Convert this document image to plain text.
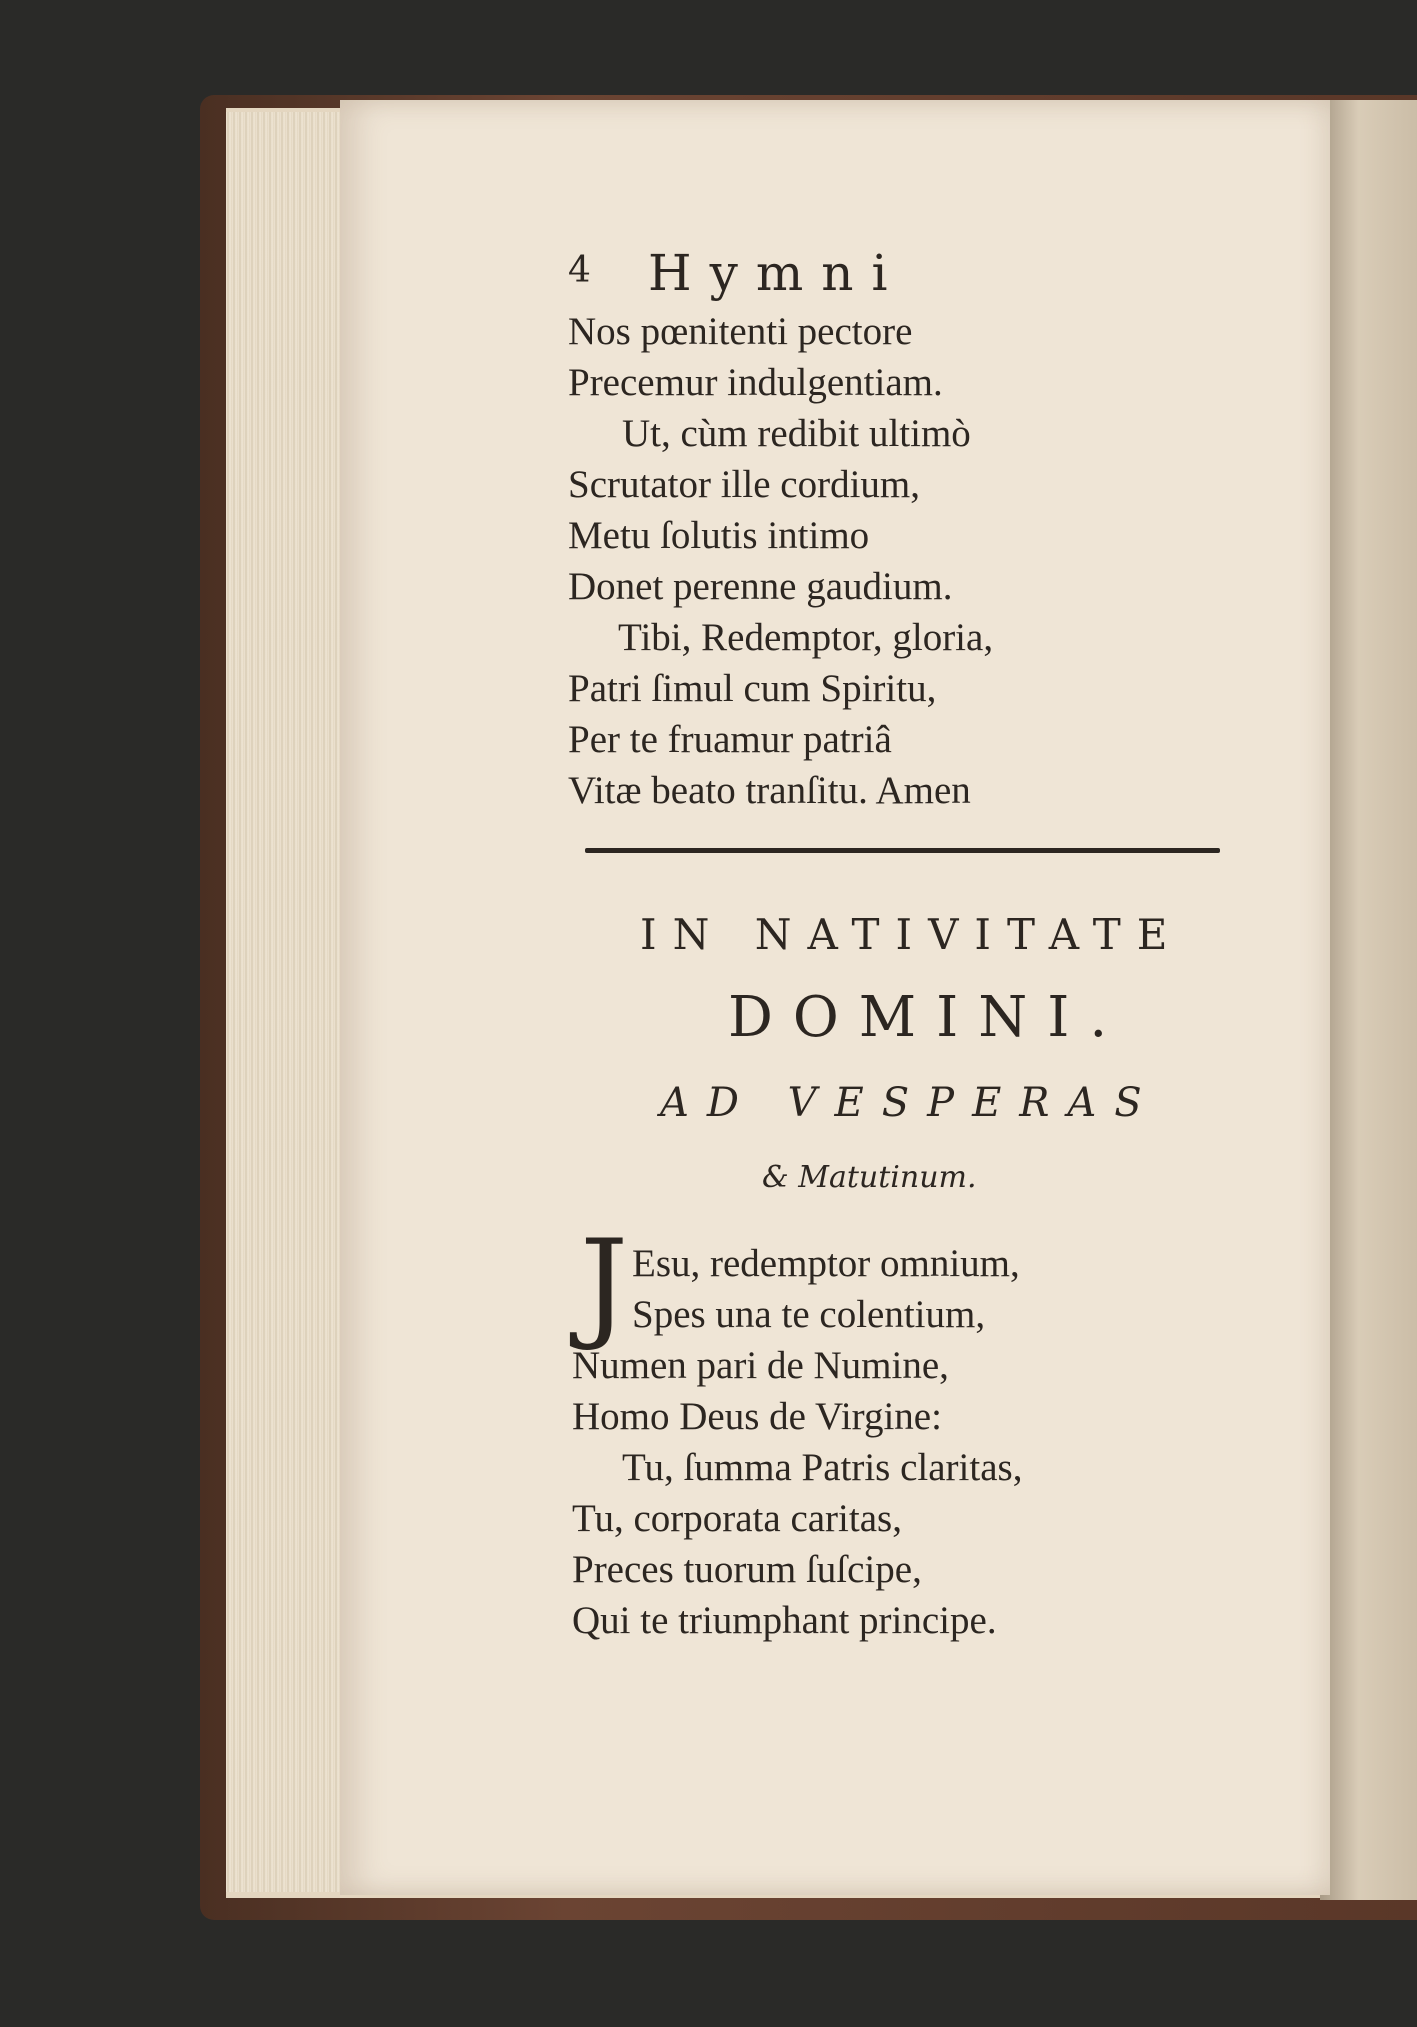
4 Hymni
Nos pœnitenti pectore
Precemur indulgentiam.
Ut, cùm redibit ultimò
Scrutator ille cordium,
Metu ſolutis intimo
Donet perenne gaudium.
Tibi, Redemptor, gloria,
Patri ſimul cum Spiritu,
Per te fruamur patriâ
Vitæ beato tranſitu. Amen
IN NATIVITATE
DOMINI.
AD VESPERAS
& Matutinum.
J Esu, redemptor omnium,
Spes una te colentium,
Numen pari de Numine,
Homo Deus de Virgine:
Tu, ſumma Patris claritas,
Tu, corporata caritas,
Preces tuorum ſuſcipe,
Qui te triumphant principe.
